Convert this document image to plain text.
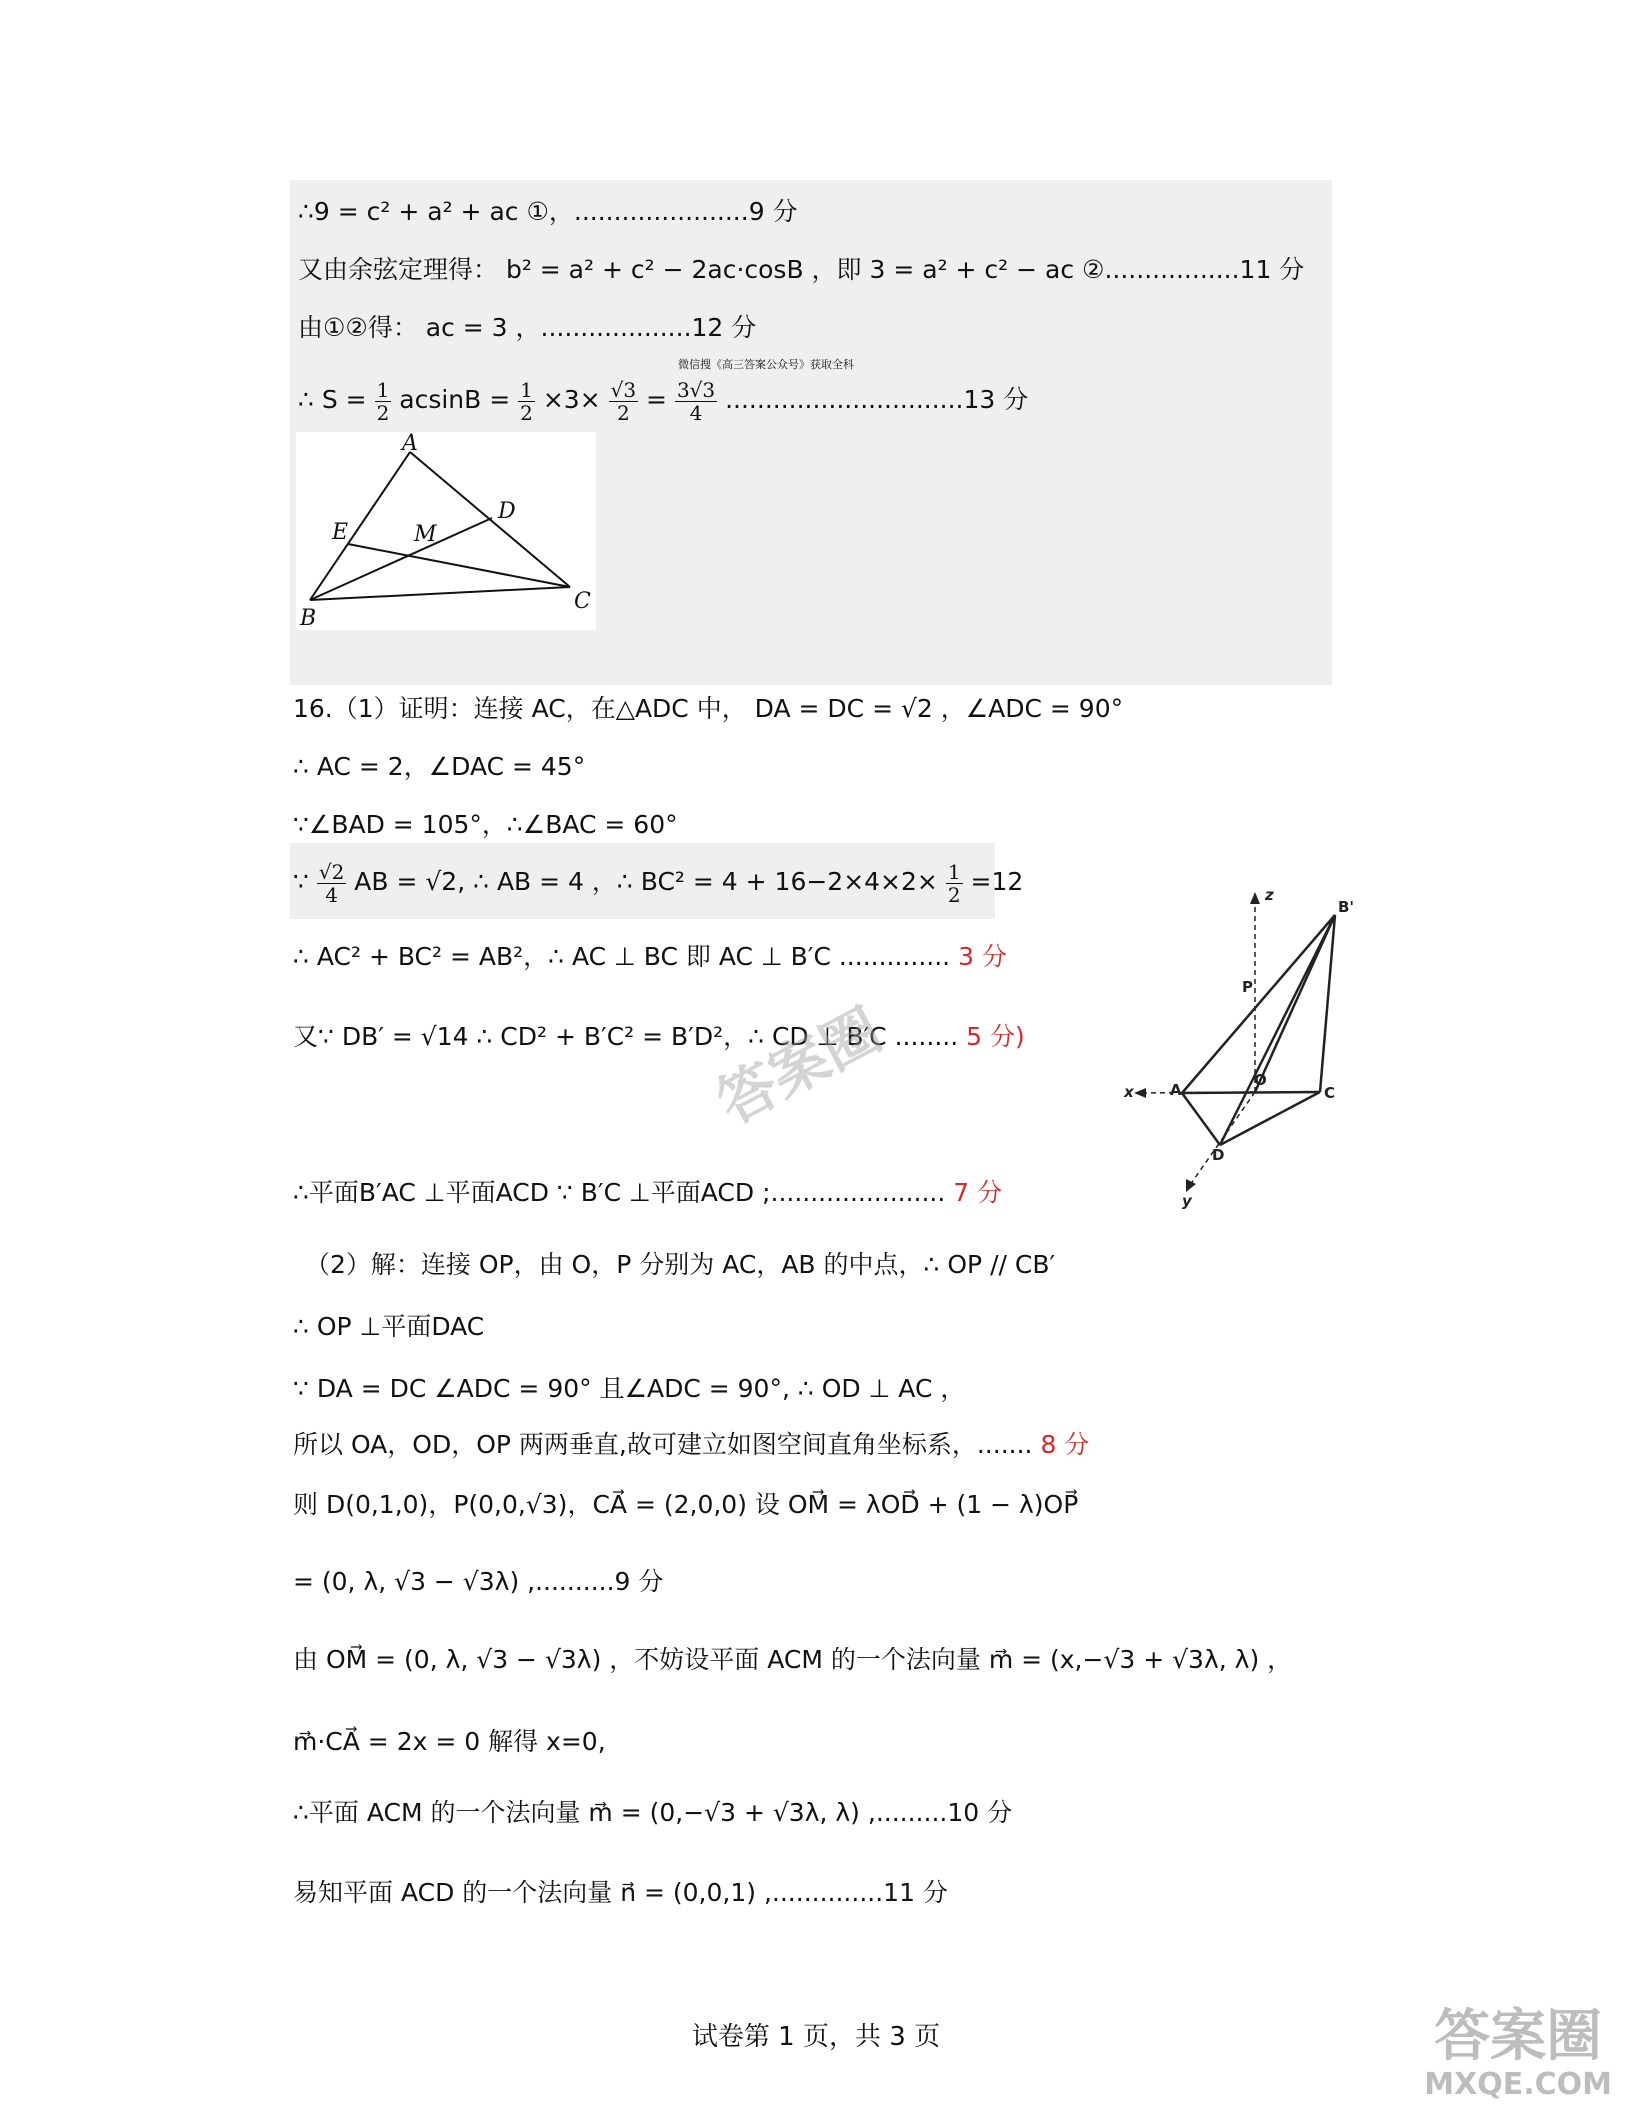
∴9 = c² + a² + ac ①，......................9 分
又由余弦定理得： b² = a² + c² − 2ac·cosB ，即 3 = a² + c² − ac ②.................11 分
由①②得： ac = 3 ，...................12 分
微信搜《高三答案公众号》获取全科
∴ $S = \frac{1}{2}$ $acsinB = \frac{1}{2} \times 3\times \frac{√3}{2} = \frac{3√3}{4} ..............................13$ 分
A
B
C
D
E	M
16.（1）证明：连接 AC，在△ADC 中， DA = DC = √2 ，∠ADC = 90°
∴ AC = 2，∠DAC = 45°
∵∠BAD = 105°，∴∠BAC = 60°
∵ $\frac{√2}{4}$ AB = √2, ∴ AB = 4 ，∴ $BC^2 = 4 + 16-2\times 4\times 2\times \frac{1}{2} =12$
∴ AC² + BC² = AB²，∴ AC ⊥ BC 即 AC ⊥ B′C .............. 3 分
又∵ DB′ = √14 ∴ CD² + B′C² = B′D²，∴ CD ⊥ B′C ........ 5 分)
答案圈
∴平面B′AC ⊥平面ACD ∵ B′C ⊥平面ACD ;...................... 7 分
z
B'
P
O
A	C
D
x
y
（2）解：连接 OP，由 O，P 分别为 AC，AB 的中点，∴ OP // CB′
∴ OP ⊥平面DAC
∵ DA = DC ∠ADC = 90° 且∠ADC = 90°, ∴ OD ⊥ AC ，
所以 OA，OD，OP 两两垂直,故可建立如图空间直角坐标系，....... 8 分
则 D(0,1,0)，P(0,0,√3)，CA⃗ = (2,0,0) 设 OM⃗ = λOD⃗ + (1 − λ)OP⃗
= (0, λ, √3 − √3λ) ,..........9 分
由 OM⃗ = (0, λ, √3 − √3λ) ，不妨设平面 ACM 的一个法向量 m⃗ = (x,−√3 + √3λ, λ) ，
m⃗·CA⃗ = 2x = 0 解得 x=0,
∴平面 ACM 的一个法向量 m⃗ = (0,−√3 + √3λ, λ) ,.........10 分
易知平面 ACD 的一个法向量 n⃗ = (0,0,1) ,..............11 分
试卷第 1 页，共 3 页	答案圈
MXQE.COM
